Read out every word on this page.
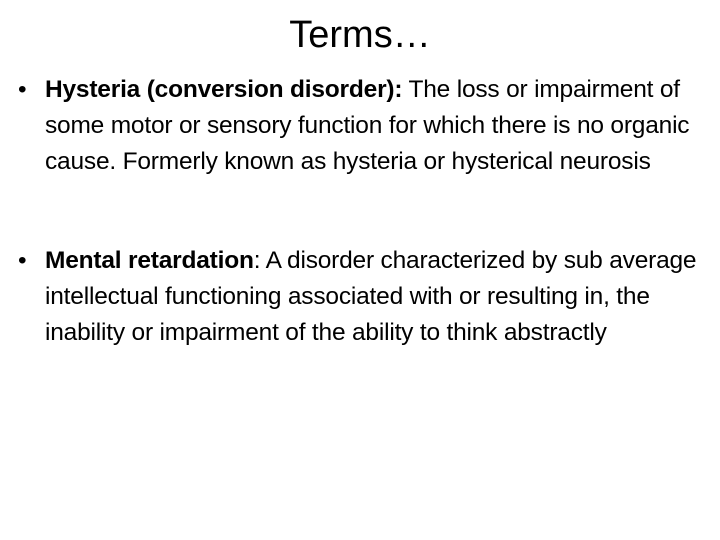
Terms…
• Hysteria (conversion disorder): The loss or impairment of some motor or sensory function for which there is no organic cause. Formerly known as hysteria or hysterical neurosis
• Mental retardation: A disorder characterized by sub average intellectual functioning associated with or resulting in, the inability or impairment of the ability to think abstractly
